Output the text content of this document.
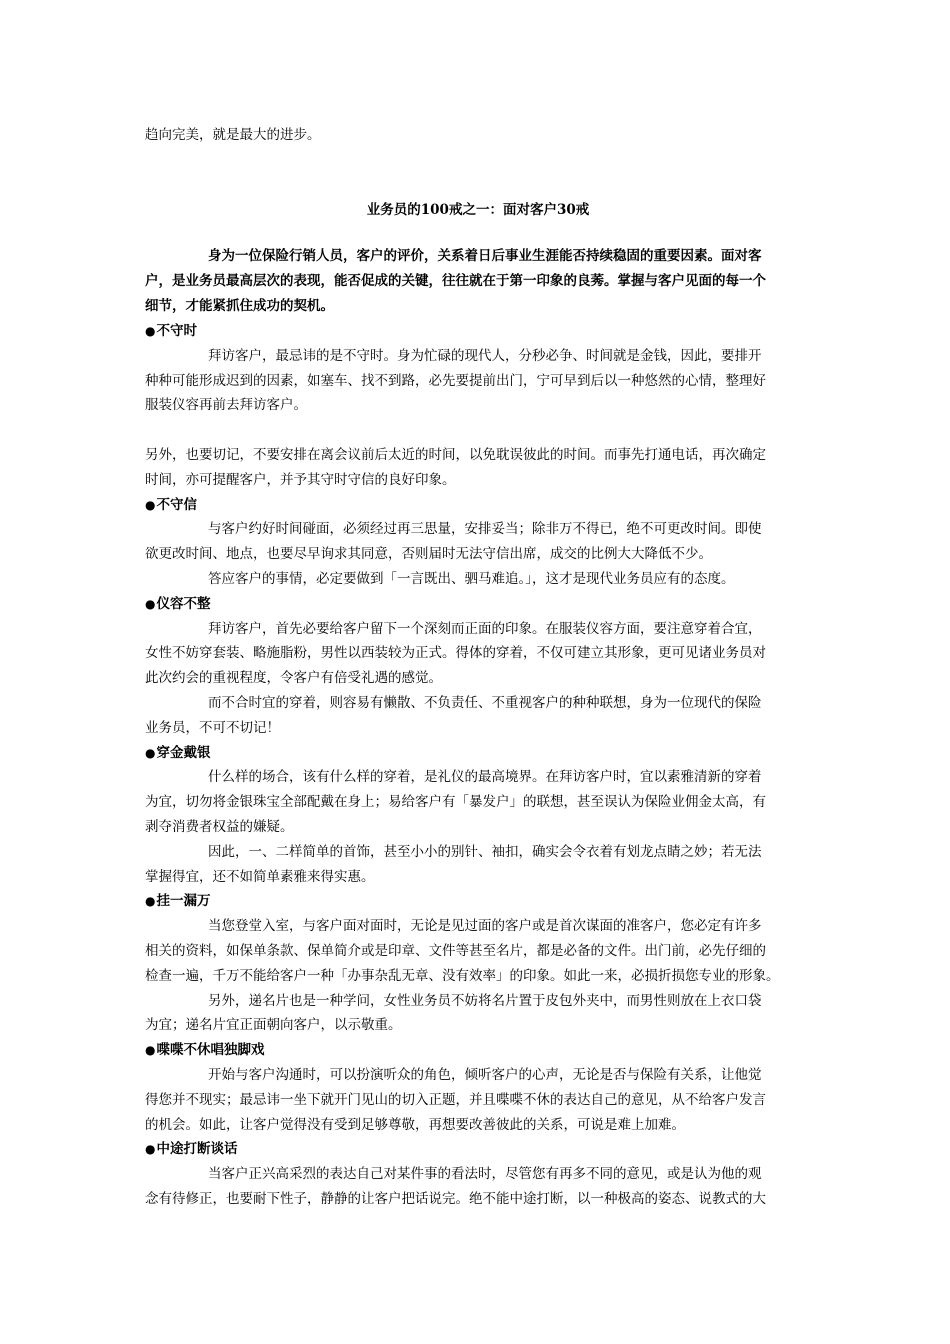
趋向完美，就是最大的进步。
业务员的100戒之一：面对客户30戒
身为一位保险行销人员，客户的评价，关系着日后事业生涯能否持续稳固的重要因素。面对客
户，是业务员最高层次的表现，能否促成的关键，往往就在于第一印象的良莠。掌握与客户见面的每一个
细节，才能紧抓住成功的契机。
●不守时
拜访客户，最忌讳的是不守时。身为忙碌的现代人，分秒必争、时间就是金钱，因此，要排开
种种可能形成迟到的因素，如塞车、找不到路，必先要提前出门，宁可早到后以一种悠然的心情，整理好
服装仪容再前去拜访客户。

另外，也要切记，不要安排在离会议前后太近的时间，以免耽误彼此的时间。而事先打通电话，再次确定
时间，亦可提醒客户，并予其守时守信的良好印象。
●不守信
与客户约好时间碰面，必须经过再三思量，安排妥当；除非万不得已，绝不可更改时间。即使
欲更改时间、地点，也要尽早询求其同意，否则届时无法守信出席，成交的比例大大降低不少。
答应客户的事情，必定要做到「一言既出、驷马难追。」，这才是现代业务员应有的态度。
●仪容不整
拜访客户，首先必要给客户留下一个深刻而正面的印象。在服装仪容方面，要注意穿着合宜，
女性不妨穿套装、略施脂粉，男性以西装较为正式。得体的穿着，不仅可建立其形象，更可见诸业务员对
此次约会的重视程度，令客户有倍受礼遇的感觉。
而不合时宜的穿着，则容易有懒散、不负责任、不重视客户的种种联想，身为一位现代的保险
业务员，不可不切记！
●穿金戴银
什么样的场合，该有什么样的穿着，是礼仪的最高境界。在拜访客户时，宜以素雅清新的穿着
为宜，切勿将金银珠宝全部配戴在身上；易给客户有「暴发户」的联想，甚至误认为保险业佣金太高，有
剥夺消费者权益的嫌疑。
因此，一、二样简单的首饰，甚至小小的别针、袖扣，确实会令衣着有划龙点睛之妙；若无法
掌握得宜，还不如简单素雅来得实惠。
●挂一漏万
当您登堂入室，与客户面对面时，无论是见过面的客户或是首次谋面的准客户，您必定有许多
相关的资料，如保单条款、保单简介或是印章、文件等甚至名片，都是必备的文件。出门前，必先仔细的
检查一遍，千万不能给客户一种「办事杂乱无章、没有效率」的印象。如此一来，必损折损您专业的形象。
另外，递名片也是一种学问，女性业务员不妨将名片置于皮包外夹中，而男性则放在上衣口袋
为宜；递名片宜正面朝向客户，以示敬重。
●喋喋不休唱独脚戏
开始与客户沟通时，可以扮演听众的角色，倾听客户的心声，无论是否与保险有关系，让他觉
得您并不现实；最忌讳一坐下就开门见山的切入正题，并且喋喋不休的表达自己的意见，从不给客户发言
的机会。如此，让客户觉得没有受到足够尊敬，再想要改善彼此的关系，可说是难上加难。
●中途打断谈话
当客户正兴高采烈的表达自己对某件事的看法时，尽管您有再多不同的意见，或是认为他的观
念有待修正，也要耐下性子，静静的让客户把话说完。绝不能中途打断，以一种极高的姿态、说教式的大
